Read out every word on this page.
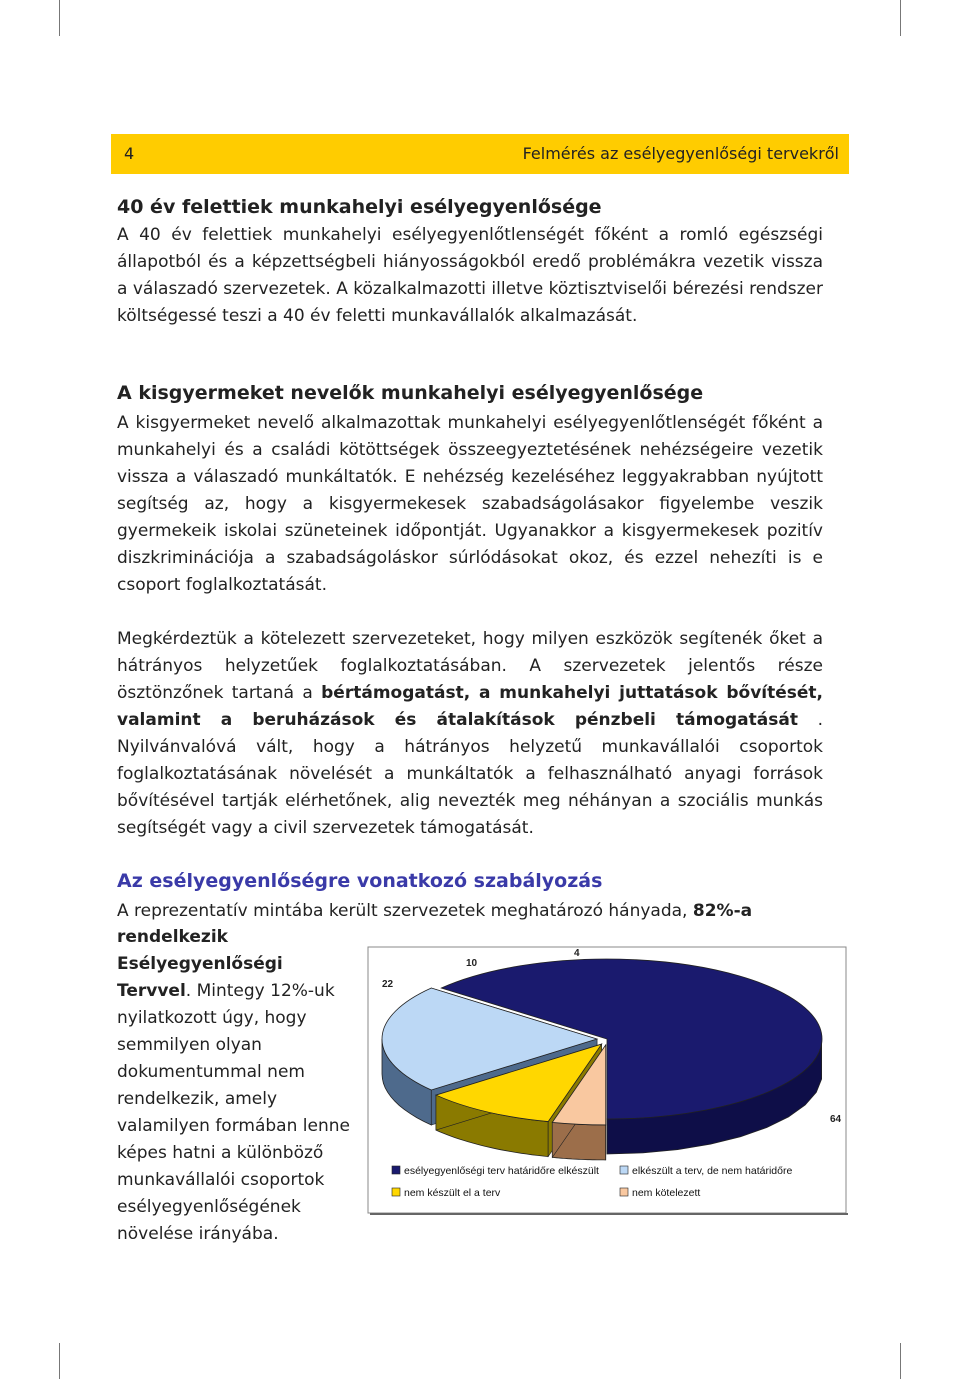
4	Felmérés az esélyegyenlőségi tervekről
40 év felettiek munkahelyi esélyegyenlősége

A 40 év felettiek munkahelyi esélyegyenlőtlenségét főként a romló egészségi állapotból és a képzettségbeli hiányosságokból eredő problémákra vezetik vissza a válaszadó szervezetek. A közalkalmazotti illetve köztisztviselői bérezési rendszer költségessé teszi a 40 év feletti munkavállalók alkalmazását.

A kisgyermeket nevelők munkahelyi esélyegyenlősége

A kisgyermeket nevelő alkalmazottak munkahelyi esélyegyenlőtlenségét főként a munkahelyi és a családi kötöttségek összeegyeztetésének nehézségeire vezetik vissza a válaszadó munkáltatók. E nehézség kezeléséhez leggyakrabban nyújtott segítség az, hogy a kisgyermekesek szabadságolásakor figyelembe veszik gyermekeik iskolai szüneteinek időpontját. Ugyanakkor a kisgyermekesek pozitív diszkriminációja a szabadságoláskor súrlódásokat okoz, és ezzel nehezíti is e csoport foglalkoztatását.

Megkérdeztük a kötelezett szervezeteket, hogy milyen eszközök segítenék őket a hátrányos helyzetűek foglalkoztatásában. A szervezetek jelentős része ösztönzőnek tartaná a bértámogatást, a munkahelyi juttatások bővítését, valamint a beruházások és átalakítások pénzbeli támogatását . Nyilvánvalóvá vált, hogy a hátrányos helyzetű munkavállalói csoportok foglalkoztatásának növelését a munkáltatók a felhasználható anyagi források bővítésével tartják elérhetőnek, alig nevezték meg néhányan a szociális munkás segítségét vagy a civil szervezetek támogatását.

Az esélyegyenlőségre vonatkozó szabályozás

A reprezentatív mintába került szervezetek meghatározó hányada, 82%-a

rendelkezik Esélyegyenlőségi Tervvel. Mintegy 12%-uk nyilatkozott úgy, hogy semmilyen olyan dokumentummal nem rendelkezik, amely valamilyen formában lenne képes hatni a különböző munkavállalói csoportok esélyegyenlőségének növelése irányába.

64
22
10
4
esélyegyenlőségi terv határidőre elkészült	elkészült a terv, de nem határidőre
nem készült el a terv	nem kötelezett
